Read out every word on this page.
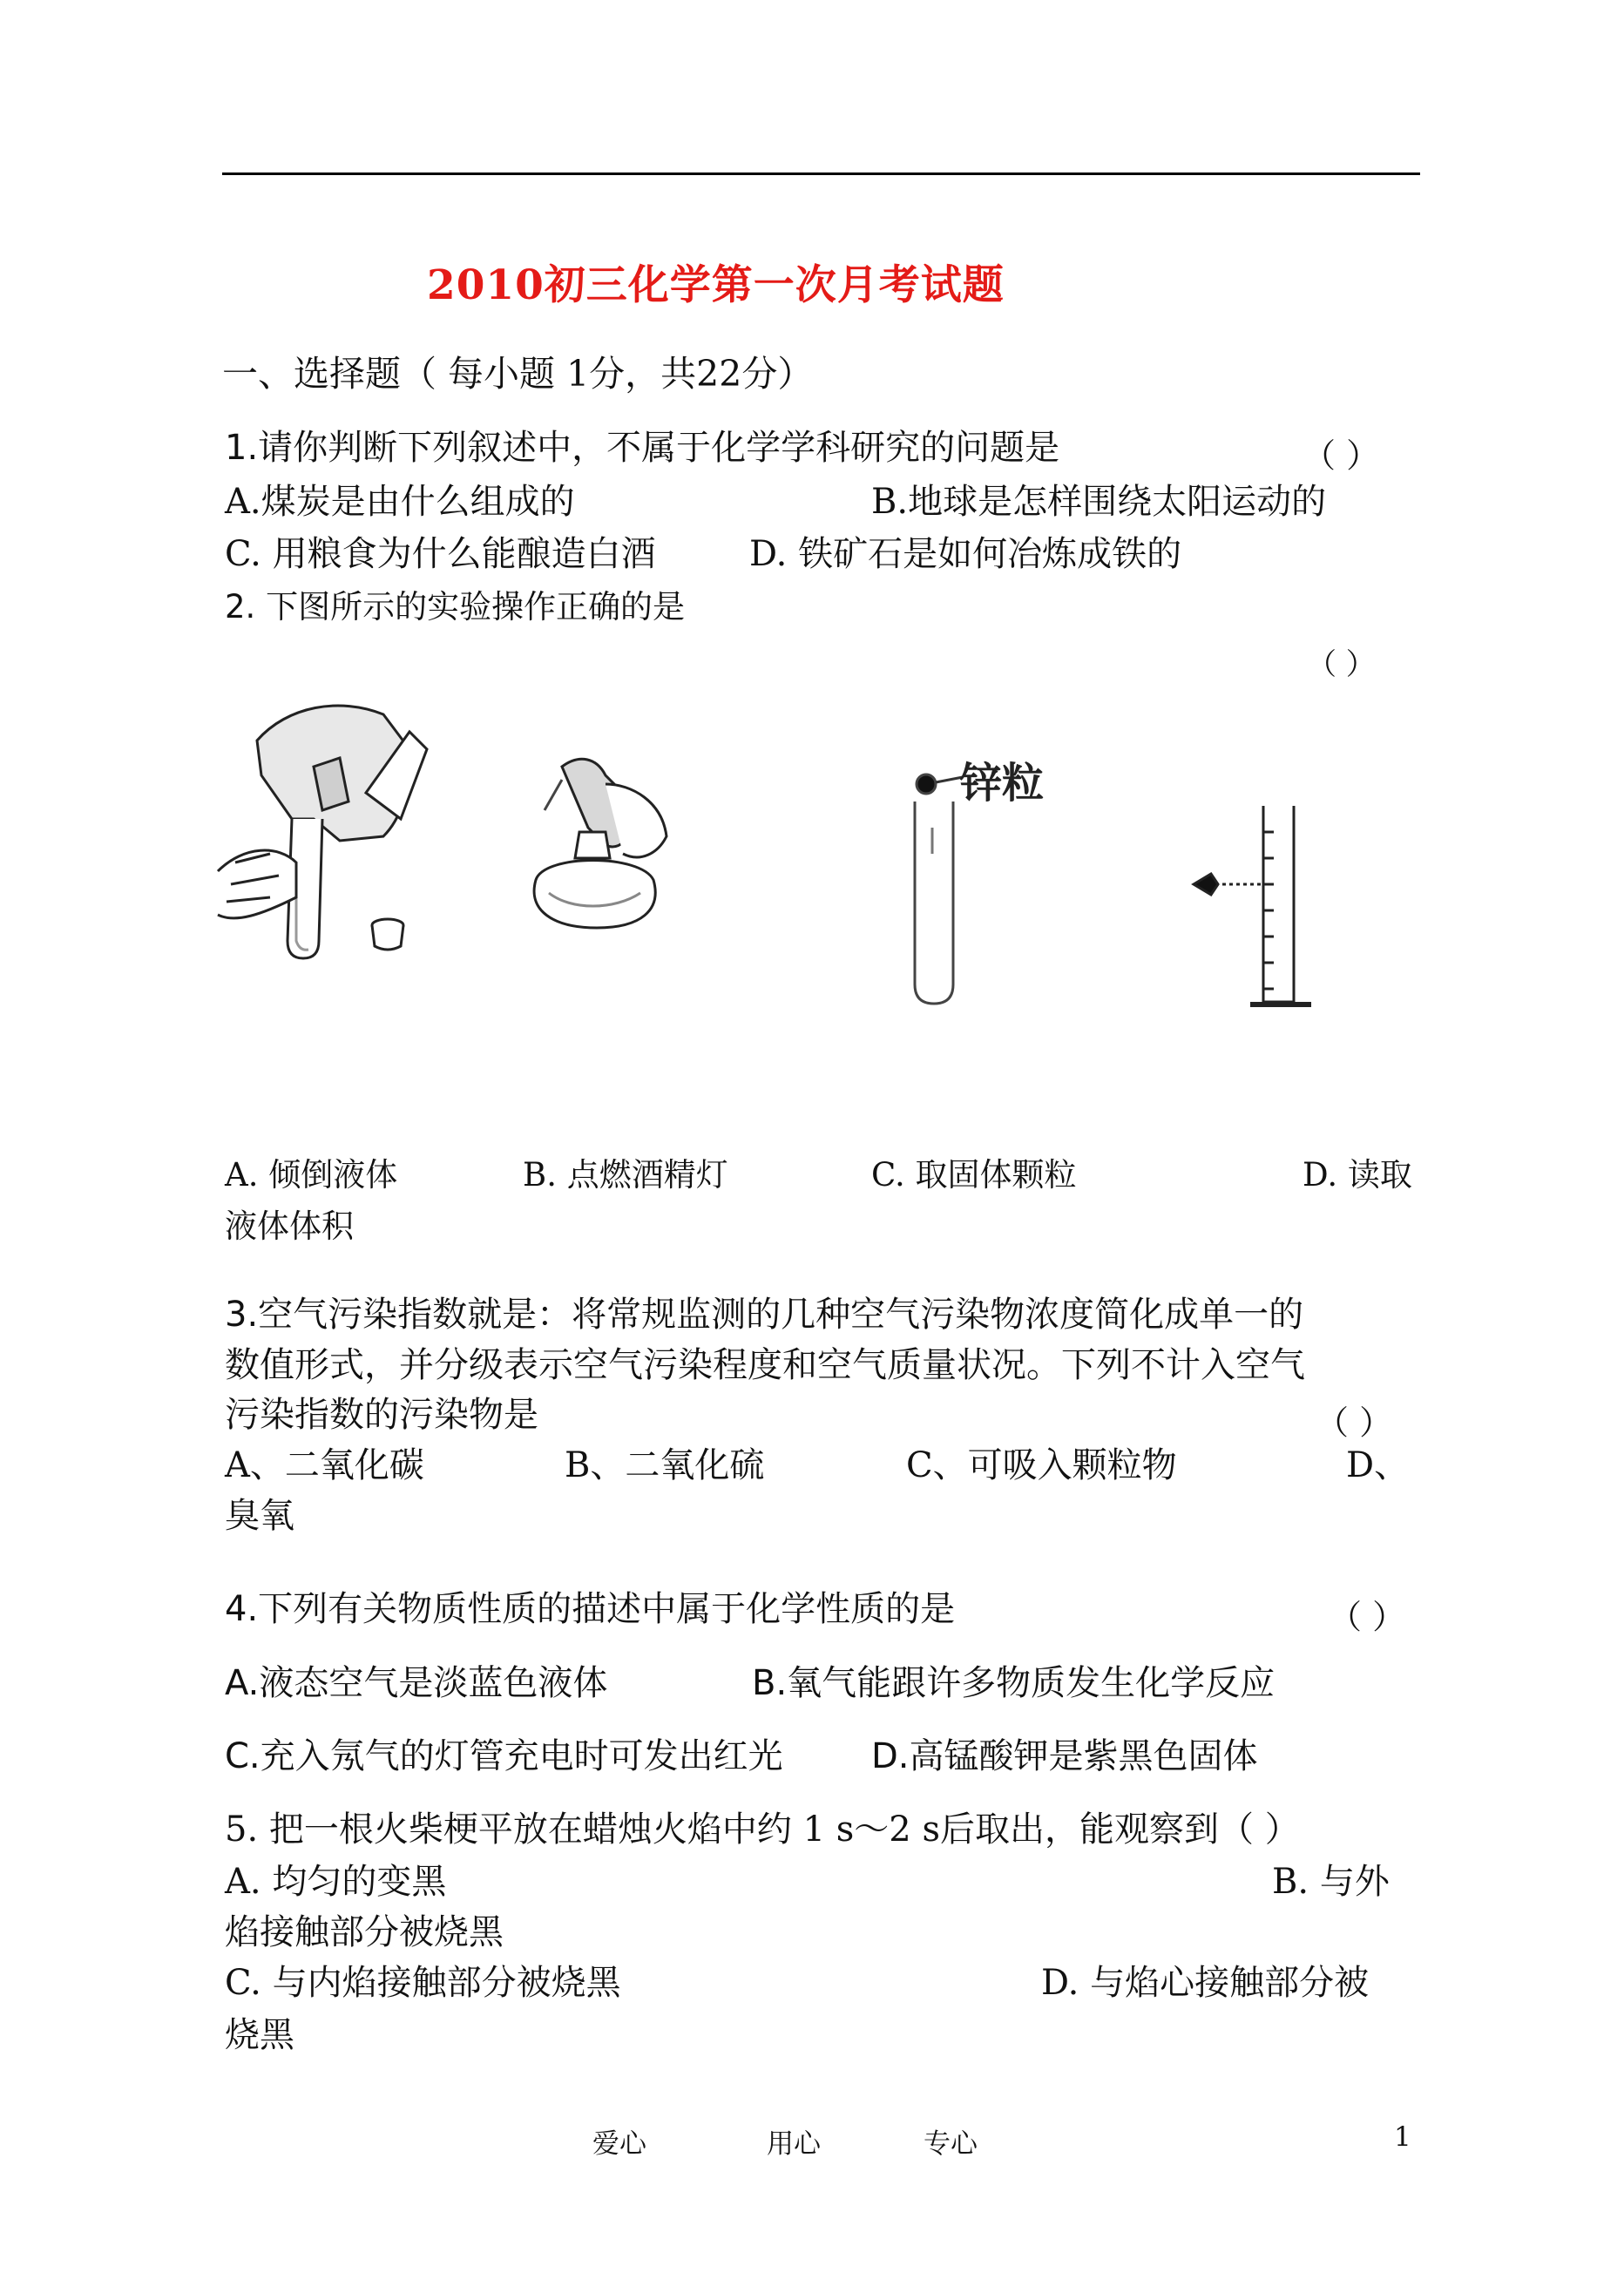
2010初三化学第一次月考试题
一、选择题（ 每小题 1分，共22分）
1.请你判断下列叙述中，不属于化学学科研究的问题是	（ ）
A.煤炭是由什么组成的	B.地球是怎样围绕太阳运动的
C. 用粮食为什么能酿造白酒	D. 铁矿石是如何冶炼成铁的
2. 下图所示的实验操作正确的是
（ ）
锌粒
A. 倾倒液体	B. 点燃酒精灯	C. 取固体颗粒	D. 读取
液体体积
3.空气污染指数就是：将常规监测的几种空气污染物浓度简化成单一的
数值形式，并分级表示空气污染程度和空气质量状况。下列不计入空气
污染指数的污染物是	（ ）
A、二氧化碳	B、二氧化硫	C、可吸入颗粒物	D、
臭氧
4.下列有关物质性质的描述中属于化学性质的是	（ ）
A.液态空气是淡蓝色液体	B.氧气能跟许多物质发生化学反应
C.充入氖气的灯管充电时可发出红光	D.高锰酸钾是紫黑色固体
5. 把一根火柴梗平放在蜡烛火焰中约 1 s～2 s后取出，能观察到（ ）
A. 均匀的变黑	B. 与外
焰接触部分被烧黑
C. 与内焰接触部分被烧黑	D. 与焰心接触部分被
烧黑
爱心	用心	专心	1
